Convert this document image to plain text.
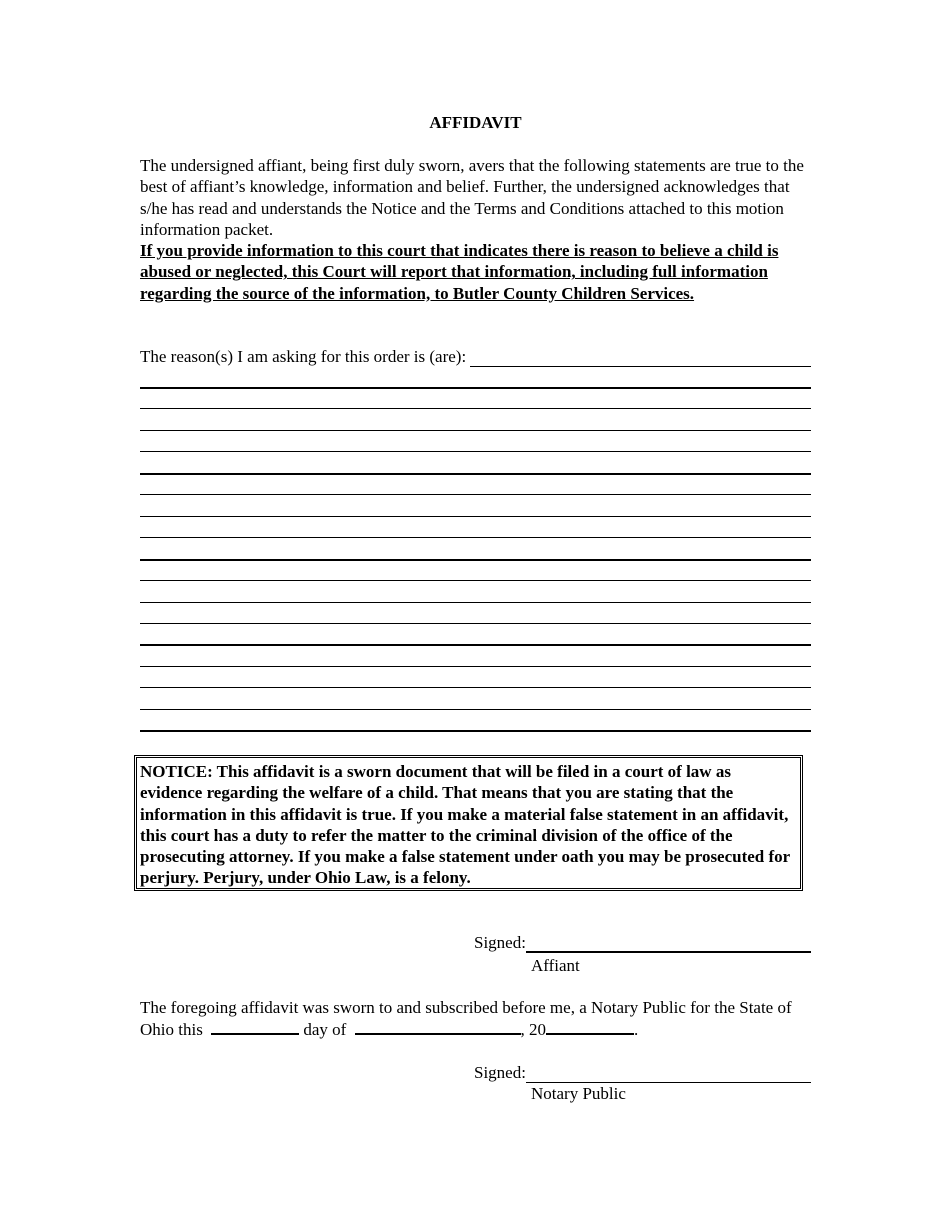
AFFIDAVIT
The undersigned affiant, being first duly sworn, avers that the following statements are true to the best of affiant’s knowledge, information and belief. Further, the undersigned acknowledges that s/he has read and understands the Notice and the Terms and Conditions attached to this motion information packet.
If you provide information to this court that indicates there is reason to believe a child is abused or neglected, this Court will report that information, including full information regarding the source of the information, to Butler County Children Services.
The reason(s) I am asking for this order is (are):
NOTICE: This affidavit is a sworn document that will be filed in a court of law as evidence regarding the welfare of a child. That means that you are stating that the information in this affidavit is true. If you make a material false statement in an affidavit, this court has a duty to refer the matter to the criminal division of the office of the prosecuting attorney. If you make a false statement under oath you may be prosecuted for perjury. Perjury, under Ohio Law, is a felony.
Signed:
Affiant
The foregoing affidavit was sworn to and subscribed before me, a Notary Public for the State of Ohio this	day of	, 20	.
Signed:
Notary Public
